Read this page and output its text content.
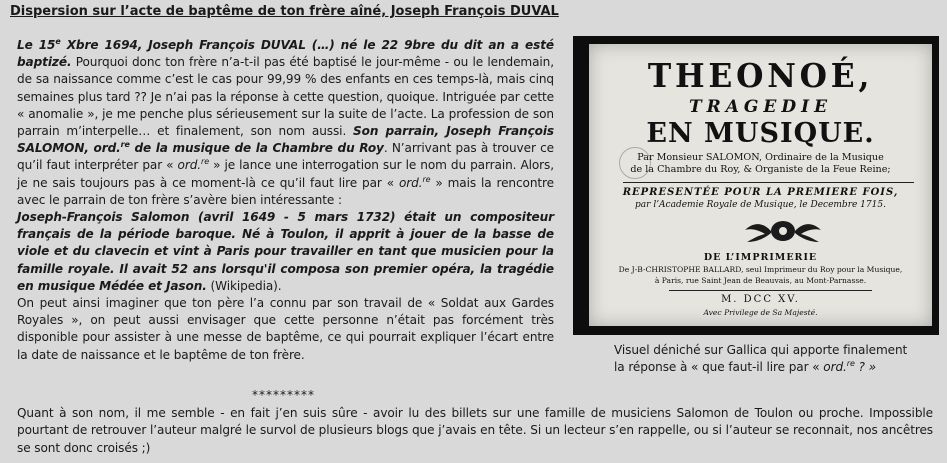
Dispersion sur l’acte de baptême de ton frère aîné, Joseph François DUVAL

Le 15e Xbre 1694, Joseph François DUVAL (…) né le 22 9bre du dit an a esté baptizé. Pourquoi donc ton frère n’a-t-il pas été baptisé le jour-même - ou le lendemain, de sa naissance comme c’est le cas pour 99,99 % des enfants en ces temps-là, mais cinq semaines plus tard ?? Je n’ai pas la réponse à cette question, quoique. Intriguée par cette « anomalie », je me penche plus sérieusement sur la suite de l’acte. La profession de son parrain m’interpelle… et finalement, son nom aussi. Son parrain, Joseph François SALOMON, ord.$^{re}$ de la musique de la Chambre du Roy. N’arrivant pas à trouver ce qu’il faut interpréter par « ord.$^{re}$ » je lance une interrogation sur le nom du parrain. Alors, je ne sais toujours pas à ce moment-là ce qu’il faut lire par « ord.$^{re}$ » mais la rencontre avec le parrain de ton frère s’avère bien intéressante :

Joseph-François Salomon (avril 1649 - 5 mars 1732) était un compositeur français de la période baroque. Né à Toulon, il apprit à jouer de la basse de viole et du clavecin et vint à Paris pour travailler en tant que musicien pour la famille royale. Il avait 52 ans lorsqu'il composa son premier opéra, la tragédie en musique Médée et Jason. (Wikipedia).

On peut ainsi imaginer que ton père l’a connu par son travail de « Soldat aux Gardes Royales », on peut aussi envisager que cette personne n’était pas forcément très disponible pour assister à une messe de baptême, ce qui pourrait expliquer l’écart entre la date de naissance et le baptême de ton frère.

THEONOÉ,
TRAGEDIE
EN MUSIQUE.
Par Monsieur SALOMON, Ordinaire de la Musique
de la Chambre du Roy, & Organiste de la Feue Reine;
REPRESENTÉE POUR LA PREMIERE FOIS,
par l’Academie Royale de Musique, le Decembre 1715.
DE L’IMPRIMERIE
De J-B-CHRISTOPHE BALLARD, seul Imprimeur du Roy pour la Musique,
à Paris, rue Saint Jean de Beauvais, au Mont-Parnasse.
M. DCC XV.
Avec Privilege de Sa Majesté.
Visuel déniché sur Gallica qui apporte finalement
la réponse à « que faut-il lire par « ord.$^{re}$ ? »
*********
Quant à son nom, il me semble - en fait j’en suis sûre - avoir lu des billets sur une famille de musiciens Salomon de Toulon ou proche. Impossible pourtant de retrouver l’auteur malgré le survol de plusieurs blogs que j’avais en tête. Si un lecteur s’en rappelle, ou si l’auteur se reconnait, nos ancêtres se sont donc croisés ;)
